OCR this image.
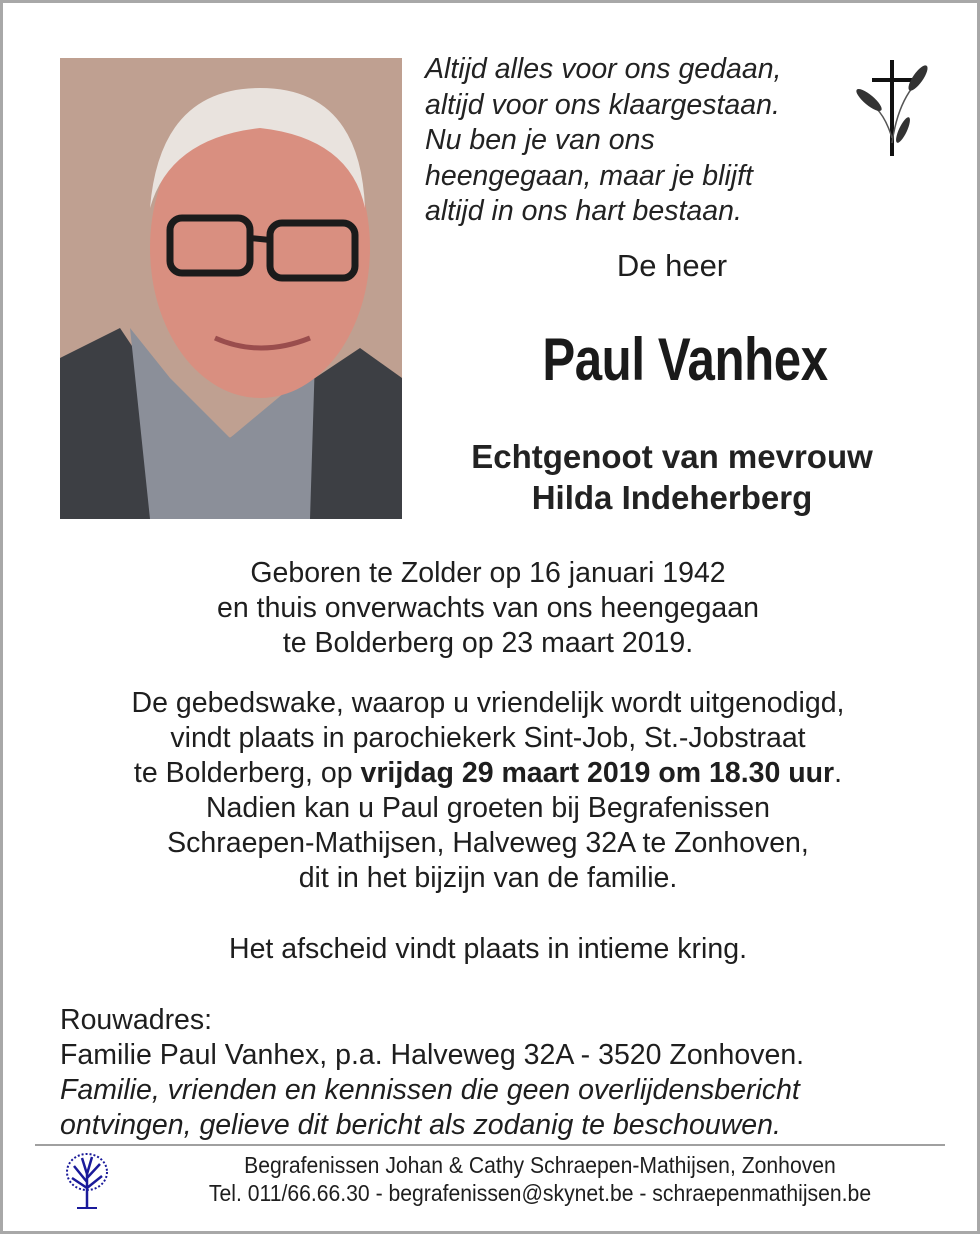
Altijd alles voor ons gedaan,
altijd voor ons klaargestaan.
Nu ben je van ons
heengegaan, maar je blijft
altijd in ons hart bestaan.
De heer
Paul Vanhex
Echtgenoot van mevrouw
Hilda Indeherberg
Geboren te Zolder op 16 januari 1942
en thuis onverwachts van ons heengegaan
te Bolderberg op 23 maart 2019.
De gebedswake, waarop u vriendelijk wordt uitgenodigd,
vindt plaats in parochiekerk Sint-Job, St.-Jobstraat
te Bolderberg, op vrijdag 29 maart 2019 om 18.30 uur.
Nadien kan u Paul groeten bij Begrafenissen
Schraepen-Mathijsen, Halveweg 32A te Zonhoven,
dit in het bijzijn van de familie.
Het afscheid vindt plaats in intieme kring.
Rouwadres:
Familie Paul Vanhex, p.a. Halveweg 32A - 3520 Zonhoven.
Familie, vrienden en kennissen die geen overlijdensbericht
ontvingen, gelieve dit bericht als zodanig te beschouwen.
Begrafenissen Johan & Cathy Schraepen-Mathijsen, Zonhoven
Tel. 011/66.66.30 - begrafenissen@skynet.be - schraepenmathijsen.be
